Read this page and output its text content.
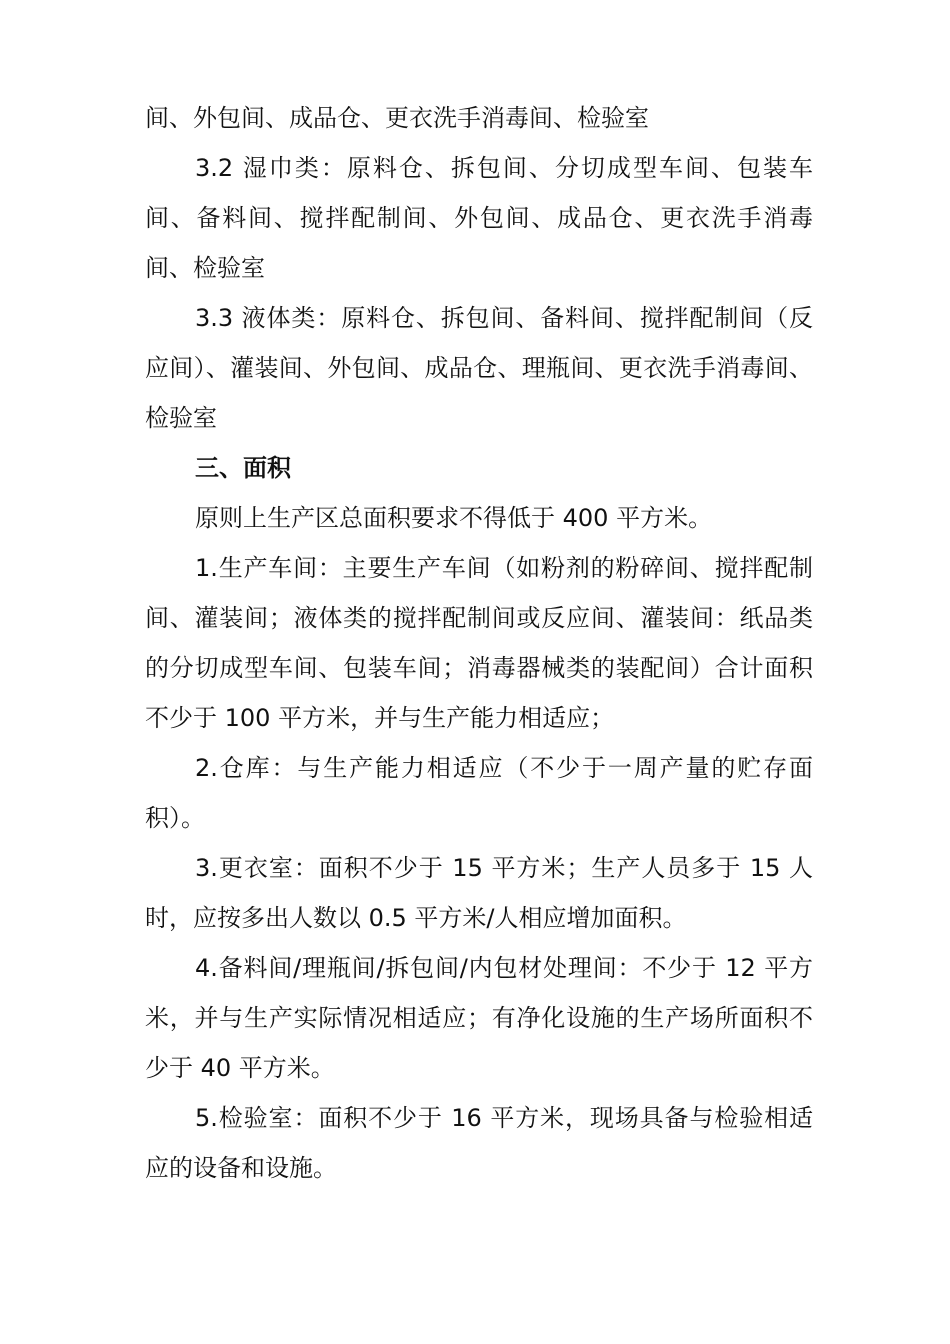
间、外包间、成品仓、更衣洗手消毒间、检验室

3.2 湿巾类：原料仓、拆包间、分切成型车间、包装车间、备料间、搅拌配制间、外包间、成品仓、更衣洗手消毒间、检验室

3.3 液体类：原料仓、拆包间、备料间、搅拌配制间（反应间）、灌装间、外包间、成品仓、理瓶间、更衣洗手消毒间、检验室

三、面积

原则上生产区总面积要求不得低于 400 平方米。

1.生产车间：主要生产车间（如粉剂的粉碎间、搅拌配制间、灌装间；液体类的搅拌配制间或反应间、灌装间：纸品类的分切成型车间、包装车间；消毒器械类的装配间）合计面积不少于 100 平方米，并与生产能力相适应；

2.仓库：与生产能力相适应（不少于一周产量的贮存面积）。

3.更衣室：面积不少于 15 平方米；生产人员多于 15 人时，应按多出人数以 0.5 平方米/人相应增加面积。

4.备料间/理瓶间/拆包间/内包材处理间：不少于 12 平方米，并与生产实际情况相适应；有净化设施的生产场所面积不少于 40 平方米。

5.检验室：面积不少于 16 平方米，现场具备与检验相适应的设备和设施。
